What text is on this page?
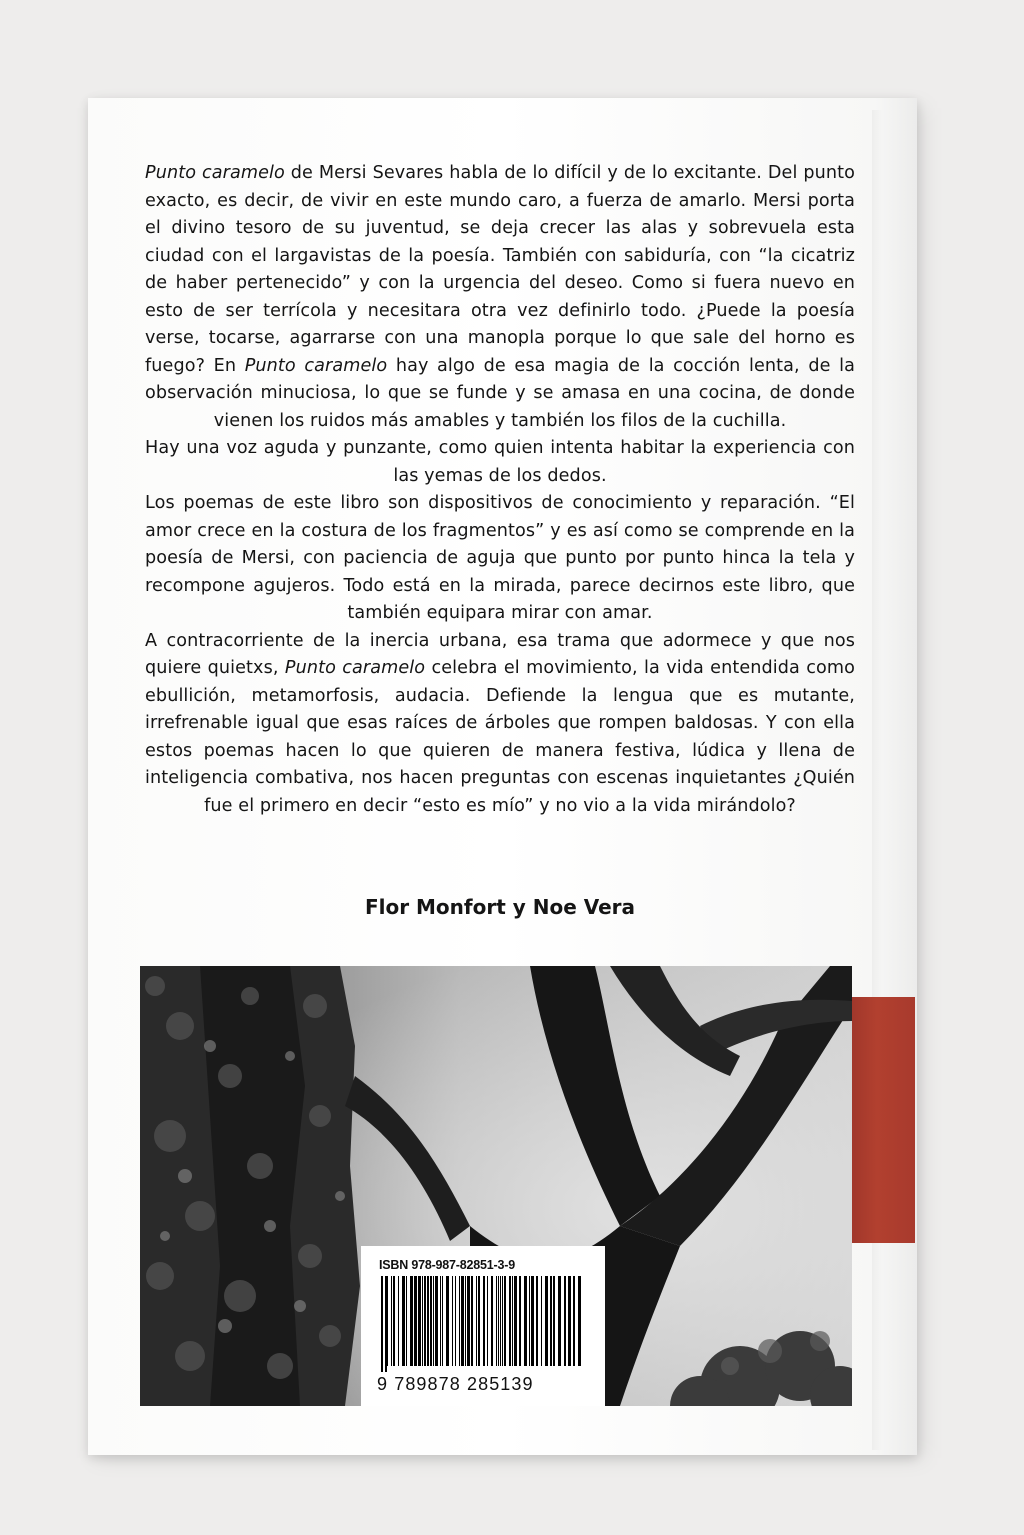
Punto caramelo de Mersi Sevares habla de lo difícil y de lo excitante. Del punto exacto, es decir, de vivir en este mundo caro, a fuerza de amarlo. Mersi porta el divino tesoro de su juventud, se deja crecer las alas y sobrevuela esta ciudad con el largavistas de la poesía. También con sabiduría, con “la cicatriz de haber pertenecido” y con la urgencia del deseo. Como si fuera nuevo en esto de ser terrícola y necesitara otra vez definirlo todo. ¿Puede la poesía verse, tocarse, agarrarse con una manopla porque lo que sale del horno es fuego? En Punto caramelo hay algo de esa magia de la cocción lenta, de la observación minuciosa, lo que se funde y se amasa en una cocina, de donde vienen los ruidos más amables y también los filos de la cuchilla.

Hay una voz aguda y punzante, como quien intenta habitar la experiencia con las yemas de los dedos.

Los poemas de este libro son dispositivos de conocimiento y reparación. “El amor crece en la costura de los fragmentos” y es así como se comprende en la poesía de Mersi, con paciencia de aguja que punto por punto hinca la tela y recompone agujeros. Todo está en la mirada, parece decirnos este libro, que también equipara mirar con amar.

A contracorriente de la inercia urbana, esa trama que adormece y que nos quiere quietxs, Punto caramelo celebra el movimiento, la vida entendida como ebullición, metamorfosis, audacia. Defiende la lengua que es mutante, irrefrenable igual que esas raíces de árboles que rompen baldosas. Y con ella estos poemas hacen lo que quieren de manera festiva, lúdica y llena de inteligencia combativa, nos hacen preguntas con escenas inquietantes ¿Quién fue el primero en decir “esto es mío” y no vio a la vida mirándolo?

Flor Monfort y Noe Vera
ISBN 978-987-82851-3-9
9 789878 285139
